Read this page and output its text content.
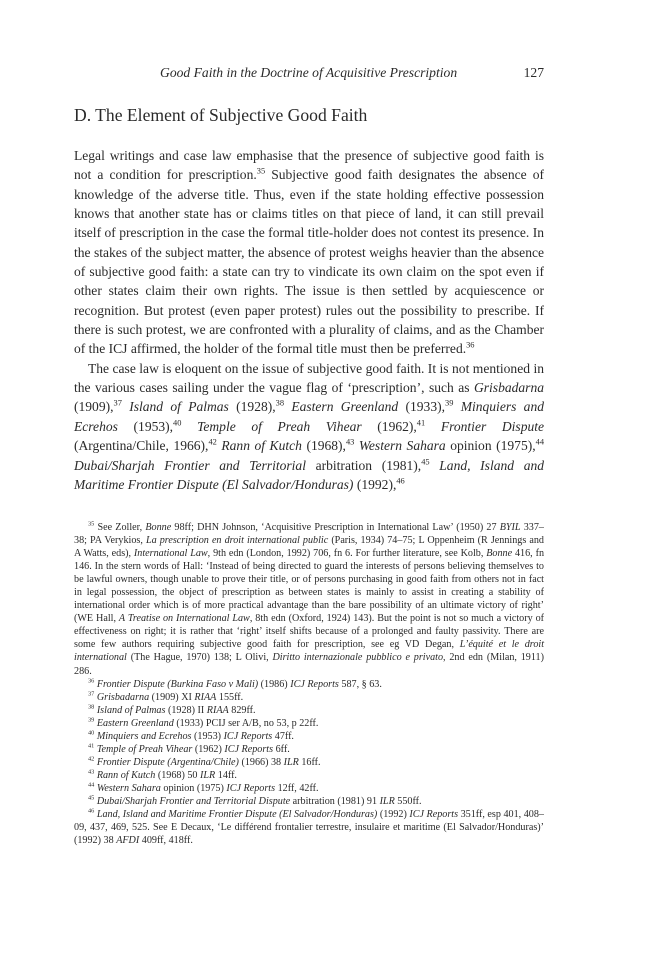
Good Faith in the Doctrine of Acquisitive Prescription	127
D. The Element of Subjective Good Faith

Legal writings and case law emphasise that the presence of subjective good faith is not a condition for prescription.$^{35}$ Subjective good faith designates the absence of knowledge of the adverse title. Thus, even if the state holding effective possession knows that another state has or claims titles on that piece of land, it can still prevail itself of prescription in the case the formal title-holder does not contest its presence. In the stakes of the subject matter, the absence of protest weighs heavier than the absence of subjective good faith: a state can try to vindicate its own claim on the spot even if other states claim their own rights. The issue is then settled by acquiescence or recognition. But protest (even paper protest) rules out the possibility to prescribe. If there is such protest, we are confronted with a plurality of claims, and as the Chamber of the ICJ affirmed, the holder of the formal title must then be preferred.$^{36}$

The case law is eloquent on the issue of subjective good faith. It is not mentioned in the various cases sailing under the vague flag of ‘prescription’, such as Grisbadarna (1909),$^{37}$ Island of Palmas (1928),$^{38}$ Eastern Greenland (1933),$^{39}$ Minquiers and Ecrehos (1953),$^{40}$ Temple of Preah Vihear (1962),$^{41}$ Frontier Dispute (Argentina/Chile, 1966),$^{42}$ Rann of Kutch (1968),$^{43}$ Western Sahara opinion (1975),$^{44}$ Dubai/Sharjah Frontier and Territorial arbitration (1981),$^{45}$ Land, Island and Maritime Frontier Dispute (El Salvador/Honduras) (1992),$^{46}$

$^{35}$ See Zoller, Bonne 98ff; DHN Johnson, ‘Acquisitive Prescription in International Law’ (1950) 27 BYIL 337–38; PA Verykios, La prescription en droit international public (Paris, 1934) 74–75; L Oppenheim (R Jennings and A Watts, eds), International Law, 9th edn (London, 1992) 706, fn 6. For further literature, see Kolb, Bonne 416, fn 146. In the stern words of Hall: ‘Instead of being directed to guard the interests of persons believing themselves to be lawful owners, though unable to prove their title, or of persons purchasing in good faith from others not in fact in legal possession, the object of prescription as between states is mainly to assist in creating a stability of international order which is of more practical advantage than the bare possibility of an ultimate victory of right’ (WE Hall, A Treatise on International Law, 8th edn (Oxford, 1924) 143). But the point is not so much a victory of effectiveness on right; it is rather that ‘right’ itself shifts because of a prolonged and faulty passivity. There are some few authors requiring subjective good faith for prescription, see eg VD Degan, L’équité et le droit international (The Hague, 1970) 138; L Olivi, Diritto internazionale pubblico e privato, 2nd edn (Milan, 1911) 286.

$^{36}$ Frontier Dispute (Burkina Faso v Mali) (1986) ICJ Reports 587, § 63.

$^{37}$ Grisbadarna (1909) XI RIAA 155ff.

$^{38}$ Island of Palmas (1928) II RIAA 829ff.

$^{39}$ Eastern Greenland (1933) PCIJ ser A/B, no 53, p 22ff.

$^{40}$ Minquiers and Ecrehos (1953) ICJ Reports 47ff.

$^{41}$ Temple of Preah Vihear (1962) ICJ Reports 6ff.

$^{42}$ Frontier Dispute (Argentina/Chile) (1966) 38 ILR 16ff.

$^{43}$ Rann of Kutch (1968) 50 ILR 14ff.

$^{44}$ Western Sahara opinion (1975) ICJ Reports 12ff, 42ff.

$^{45}$ Dubai/Sharjah Frontier and Territorial Dispute arbitration (1981) 91 ILR 550ff.

$^{46}$ Land, Island and Maritime Frontier Dispute (El Salvador/Honduras) (1992) ICJ Reports 351ff, esp 401, 408–09, 437, 469, 525. See E Decaux, ‘Le différend frontalier terrestre, insulaire et maritime (El Salvador/Honduras)’ (1992) 38 AFDI 409ff, 418ff.
